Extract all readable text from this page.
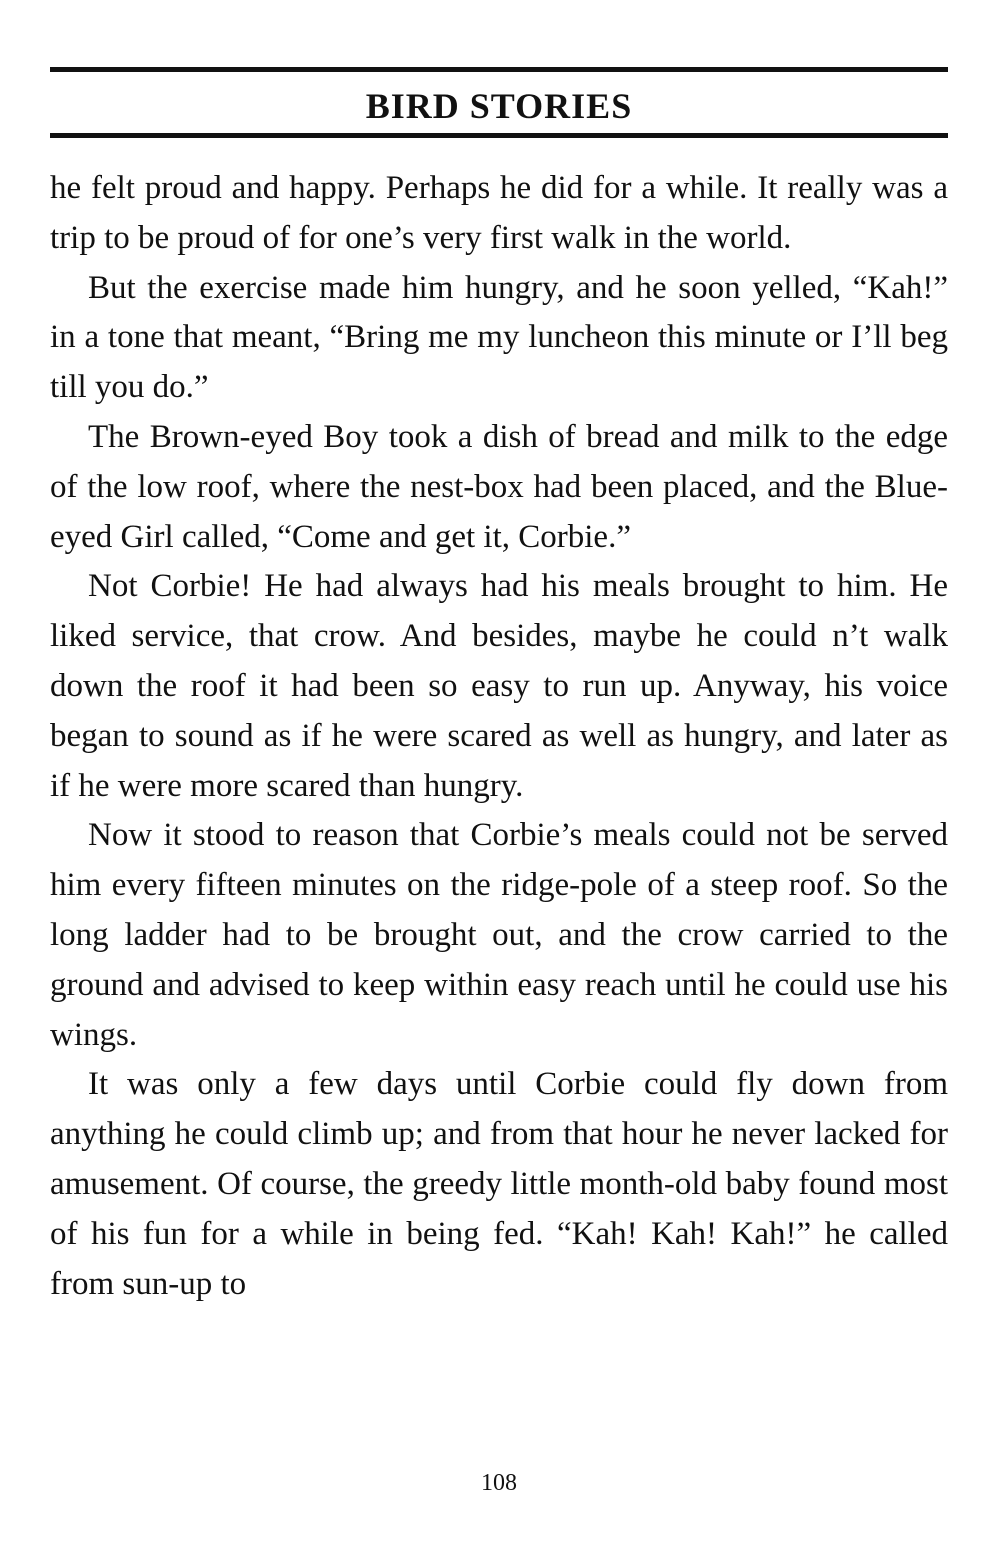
BIRD STORIES

he felt proud and happy. Perhaps he did for a while. It really was a trip to be proud of for one’s very first walk in the world.

But the exercise made him hungry, and he soon yelled, “Kah!” in a tone that meant, “Bring me my luncheon this minute or I’ll beg till you do.”

The Brown-eyed Boy took a dish of bread and milk to the edge of the low roof, where the nest-box had been placed, and the Blue-eyed Girl called, “Come and get it, Corbie.”

Not Corbie! He had always had his meals brought to him. He liked service, that crow. And besides, maybe he could n’t walk down the roof it had been so easy to run up. Anyway, his voice began to sound as if he were scared as well as hungry, and later as if he were more scared than hungry.

Now it stood to reason that Corbie’s meals could not be served him every fifteen minutes on the ridge-pole of a steep roof. So the long ladder had to be brought out, and the crow carried to the ground and advised to keep within easy reach until he could use his wings.

It was only a few days until Corbie could fly down from anything he could climb up; and from that hour he never lacked for amusement. Of course, the greedy little month-old baby found most of his fun for a while in being fed. “Kah! Kah! Kah!” he called from sun-up to

108
